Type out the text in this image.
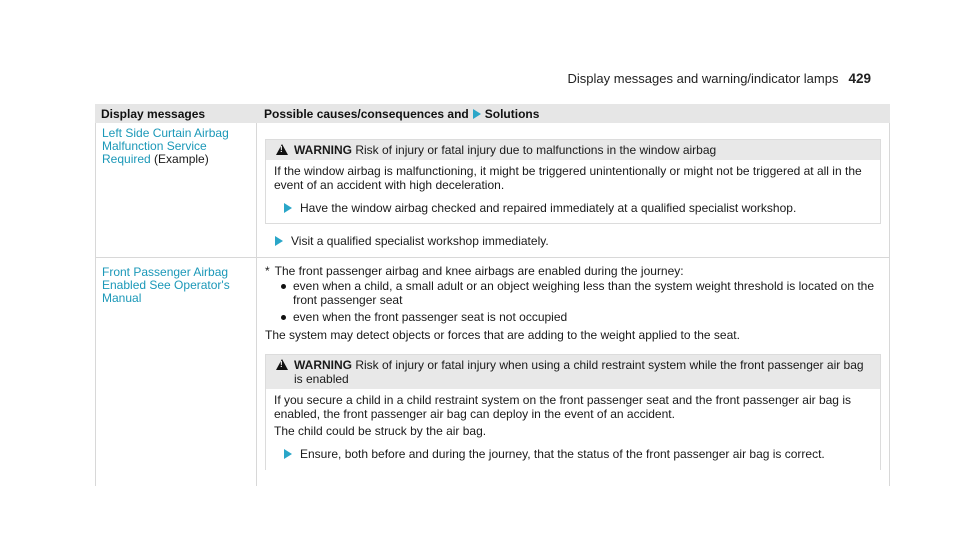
Display messages and warning/indicator lamps 429
Display messages	Possible causes/consequences and Solutions
Left Side Curtain Airbag Malfunction Service Required (Example)
!
WARNING Risk of injury or fatal injury due to malfunctions in the window airbag

If the window airbag is malfunctioning, it might be triggered unintentionally or might not be triggered at all in the event of an accident with high deceleration.

Have the window airbag checked and repaired immediately at a qualified specialist workshop.
Visit a qualified specialist workshop immediately.
Front Passenger Airbag Enabled See Operator's Manual
* The front passenger airbag and knee airbags are enabled during the journey:
even when a child, a small adult or an object weighing less than the system weight threshold is located on the front passenger seat
even when the front passenger seat is not occupied

The system may detect objects or forces that are adding to the weight applied to the seat.

!
WARNING Risk of injury or fatal injury when using a child restraint system while the front passenger air bag is enabled

If you secure a child in a child restraint system on the front passenger seat and the front passenger air bag is enabled, the front passenger air bag can deploy in the event of an accident.

The child could be struck by the air bag.

Ensure, both before and during the journey, that the status of the front passenger air bag is correct.
